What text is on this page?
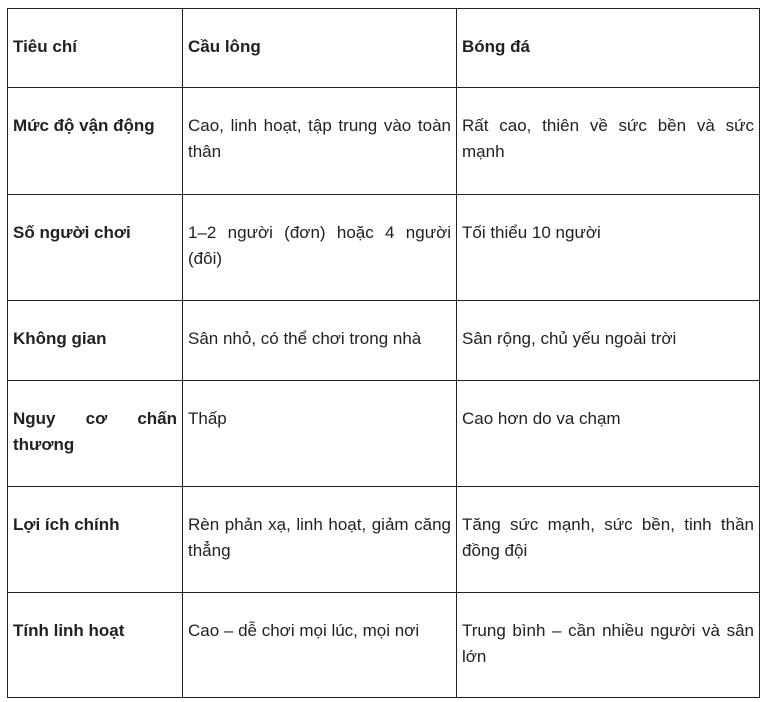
Tiêu chí	Cầu lông	Bóng đá
Mức độ vận động	Cao, linh hoạt, tập trung vào toàn thân	Rất cao, thiên về sức bền và sức mạnh
Số người chơi	1–2 người (đơn) hoặc 4 người (đôi)	Tối thiểu 10 người
Không gian	Sân nhỏ, có thể chơi trong nhà	Sân rộng, chủ yếu ngoài trời
Nguy cơ chấn thương	Thấp	Cao hơn do va chạm
Lợi ích chính	Rèn phản xạ, linh hoạt, giảm căng thẳng	Tăng sức mạnh, sức bền, tinh thần đồng đội
Tính linh hoạt	Cao – dễ chơi mọi lúc, mọi nơi	Trung bình – cần nhiều người và sân lớn
